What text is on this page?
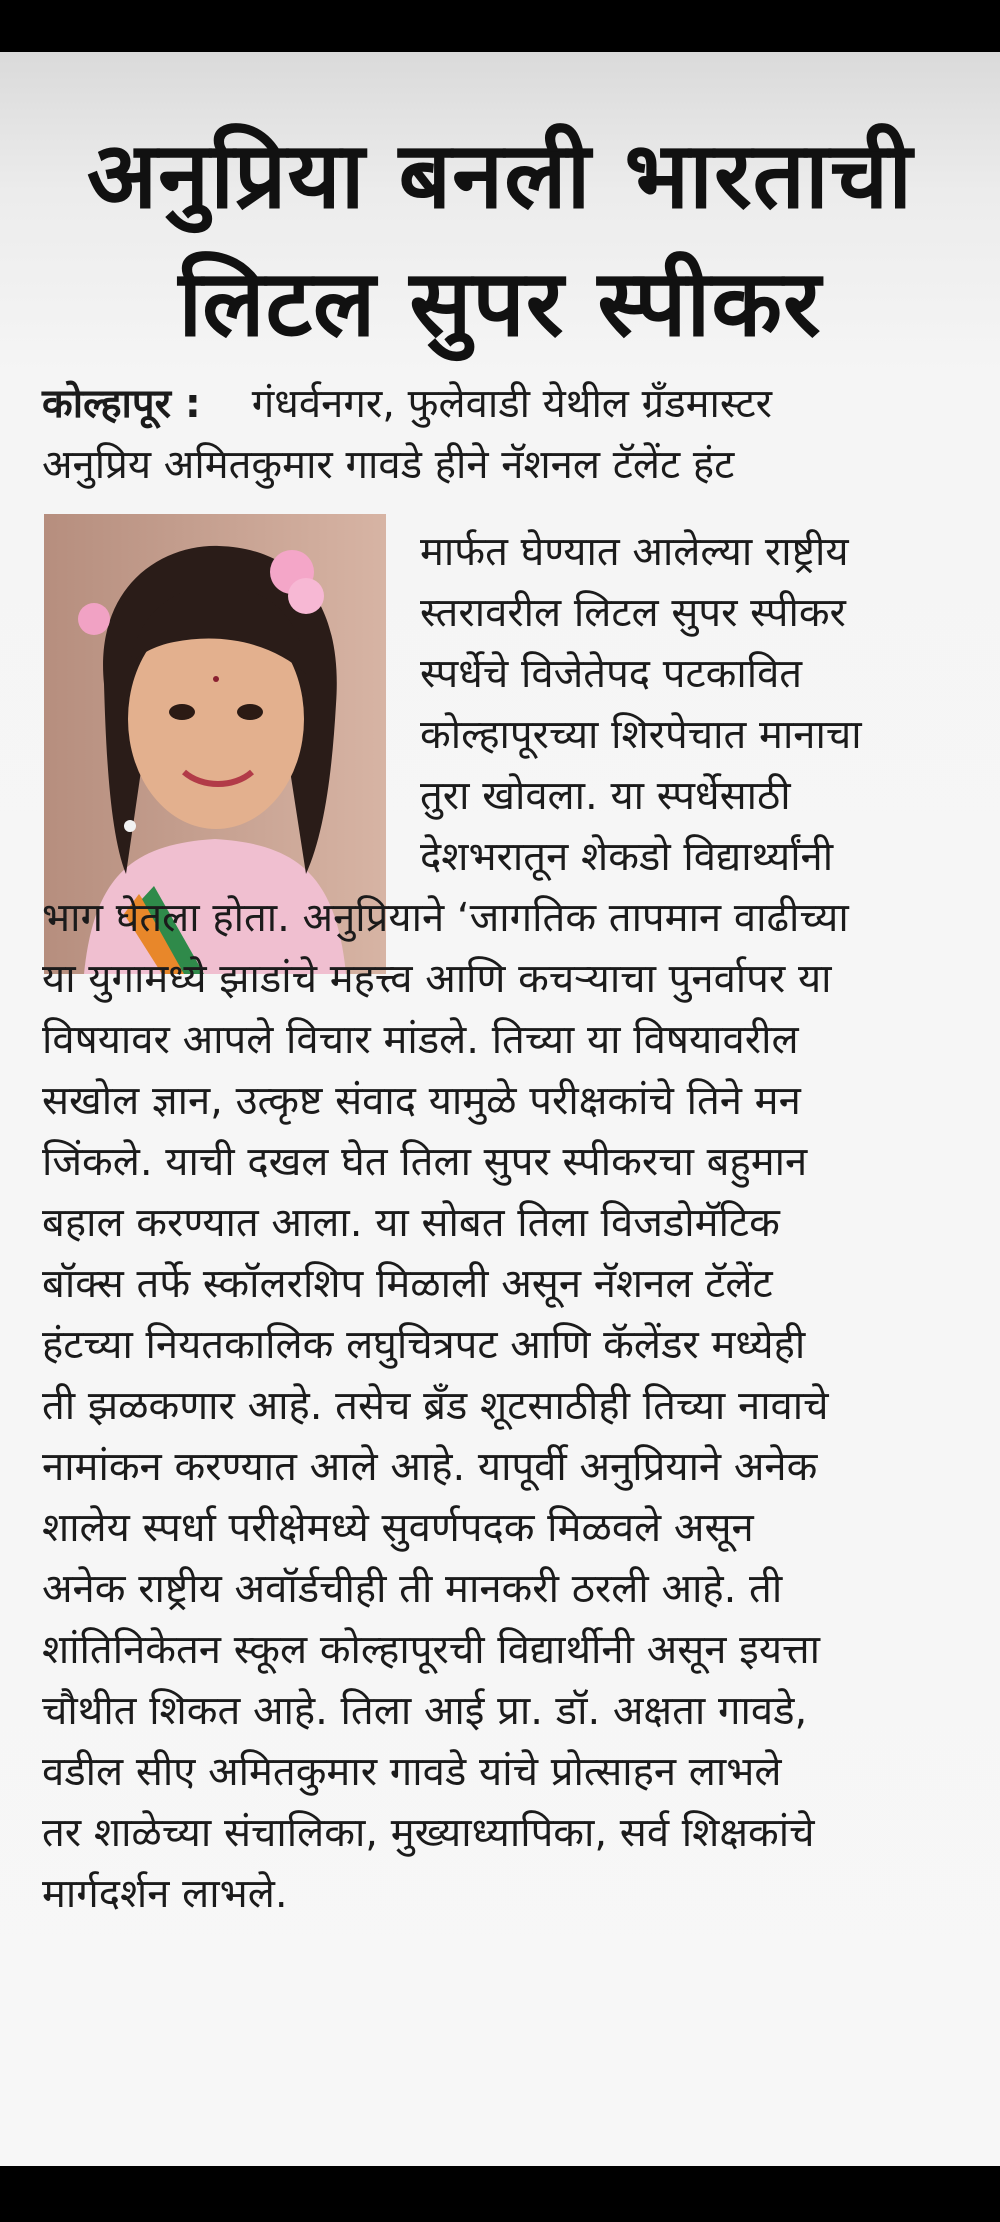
अनुप्रिया बनली भारताची
लिटल सुपर स्पीकर
कोल्हापूर : गंधर्वनगर, फुलेवाडी येथील ग्रँडमास्टर
अनुप्रिय अमितकुमार गावडे हीने नॅशनल टॅलेंट हंट
मार्फत घेण्यात आलेल्या राष्ट्रीय
स्तरावरील लिटल सुपर स्पीकर
स्पर्धेचे विजेतेपद पटकावित
कोल्हापूरच्या शिरपेचात मानाचा
तुरा खोवला. या स्पर्धेसाठी
देशभरातून शेकडो विद्यार्थ्यांनी
भाग घेतला होता. अनुप्रियाने ‘जागतिक तापमान वाढीच्या
या युगामध्ये झाडांचे महत्त्व आणि कचऱ्याचा पुनर्वापर या
विषयावर आपले विचार मांडले. तिच्या या विषयावरील
सखोल ज्ञान, उत्कृष्ट संवाद यामुळे परीक्षकांचे तिने मन
जिंकले. याची दखल घेत तिला सुपर स्पीकरचा बहुमान
बहाल करण्यात आला. या सोबत तिला विजडोमॅटिक
बॉक्स तर्फे स्कॉलरशिप मिळाली असून नॅशनल टॅलेंट
हंटच्या नियतकालिक लघुचित्रपट आणि कॅलेंडर मध्येही
ती झळकणार आहे. तसेच ब्रँड शूटसाठीही तिच्या नावाचे
नामांकन करण्यात आले आहे. यापूर्वी अनुप्रियाने अनेक
शालेय स्पर्धा परीक्षेमध्ये सुवर्णपदक मिळवले असून
अनेक राष्ट्रीय अवॉर्डचीही ती मानकरी ठरली आहे. ती
शांतिनिकेतन स्कूल कोल्हापूरची विद्यार्थीनी असून इयत्ता
चौथीत शिकत आहे. तिला आई प्रा. डॉ. अक्षता गावडे,
वडील सीए अमितकुमार गावडे यांचे प्रोत्साहन लाभले
तर शाळेच्या संचालिका, मुख्याध्यापिका, सर्व शिक्षकांचे
मार्गदर्शन लाभले.
